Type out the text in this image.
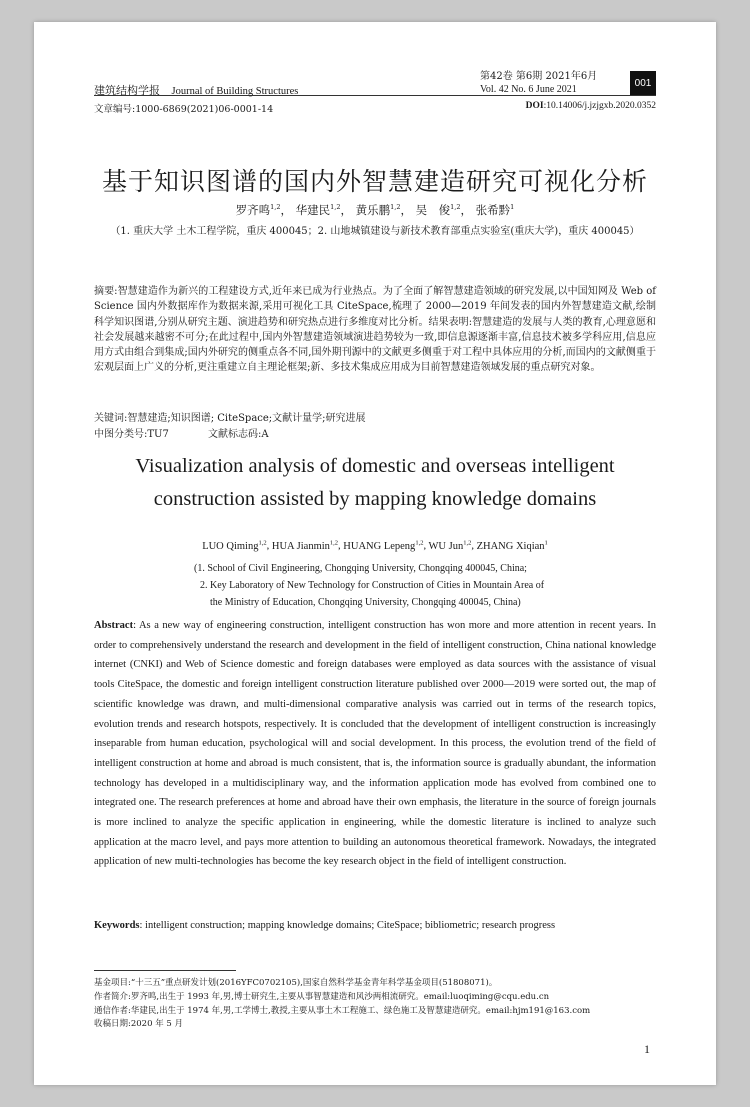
建筑结构学报 Journal of Building Structures
第42卷 第6期 2021年6月
Vol. 42 No. 6 June 2021
001
文章编号:1000-6869(2021)06-0001-14	DOI:10.14006/j.jzjgxb.2020.0352
基于知识图谱的国内外智慧建造研究可视化分析
罗齐鸣$^{1,2}$， 华建民$^{1,2}$， 黄乐鹏$^{1,2}$， 吴　俊$^{1,2}$， 张希黔$^1$
（1. 重庆大学 土木工程学院，重庆 400045；2. 山地城镇建设与新技术教育部重点实验室(重庆大学)，重庆 400045）
摘要:智慧建造作为新兴的工程建设方式,近年来已成为行业热点。为了全面了解智慧建造领域的研究发展,以中国知网及 Web of Science 国内外数据库作为数据来源,采用可视化工具 CiteSpace,梳理了 2000—2019 年间发表的国内外智慧建造文献,绘制科学知识图谱,分别从研究主题、演进趋势和研究热点进行多维度对比分析。结果表明:智慧建造的发展与人类的教育,心理意愿和社会发展越来越密不可分;在此过程中,国内外智慧建造领域演进趋势较为一致,即信息源逐渐丰富,信息技术被多学科应用,信息应用方式由组合到集成;国内外研究的侧重点各不同,国外期刊源中的文献更多侧重于对工程中具体应用的分析,而国内的文献侧重于宏观层面上广义的分析,更注重建立自主理论框架;新、多技术集成应用成为目前智慧建造领域发展的重点研究对象。
关键词:智慧建造;知识图谱; CiteSpace;文献计量学;研究进展
中图分类号:TU7	文献标志码:A
Visualization analysis of domestic and overseas intelligent
construction assisted by mapping knowledge domains
LUO Qiming$^{1,2}$, HUA Jianmin$^{1,2}$, HUANG Lepeng$^{1,2}$, WU Jun$^{1,2}$, ZHANG Xiqian$^1$
(1. School of Civil Engineering, Chongqing University, Chongqing 400045, China;
2. Key Laboratory of New Technology for Construction of Cities in Mountain Area of
the Ministry of Education, Chongqing University, Chongqing 400045, China)
Abstract: As a new way of engineering construction, intelligent construction has won more and more attention in recent years. In order to comprehensively understand the research and development in the field of intelligent construction, China national knowledge internet (CNKI) and Web of Science domestic and foreign databases were employed as data sources with the assistance of visual tools CiteSpace, the domestic and foreign intelligent construction literature published over 2000—2019 were sorted out, the map of scientific knowledge was drawn, and multi-dimensional comparative analysis was carried out in terms of the research topics, evolution trends and research hotspots, respectively. It is concluded that the development of intelligent construction is increasingly inseparable from human education, psychological will and social development. In this process, the evolution trend of the field of intelligent construction at home and abroad is much consistent, that is, the information source is gradually abundant, the information technology has developed in a multidisciplinary way, and the information application mode has evolved from combined one to integrated one. The research preferences at home and abroad have their own emphasis, the literature in the source of foreign journals is more inclined to analyze the specific application in engineering, while the domestic literature is inclined to analyze such application at the macro level, and pays more attention to building an autonomous theoretical framework. Nowadays, the integrated application of new multi-technologies has become the key research object in the field of intelligent construction.
Keywords: intelligent construction; mapping knowledge domains; CiteSpace; bibliometric; research progress
基金项目:“十三五”重点研发计划(2016YFC0702105),国家自然科学基金青年科学基金项目(51808071)。
作者简介:罗齐鸣,出生于 1993 年,男,博士研究生,主要从事智慧建造和风沙两相流研究。email:luoqiming@cqu.edu.cn
通信作者:华建民,出生于 1974 年,男,工学博士,教授,主要从事土木工程施工、绿色施工及智慧建造研究。email:hjm191@163.com
收稿日期:2020 年 5 月
1
